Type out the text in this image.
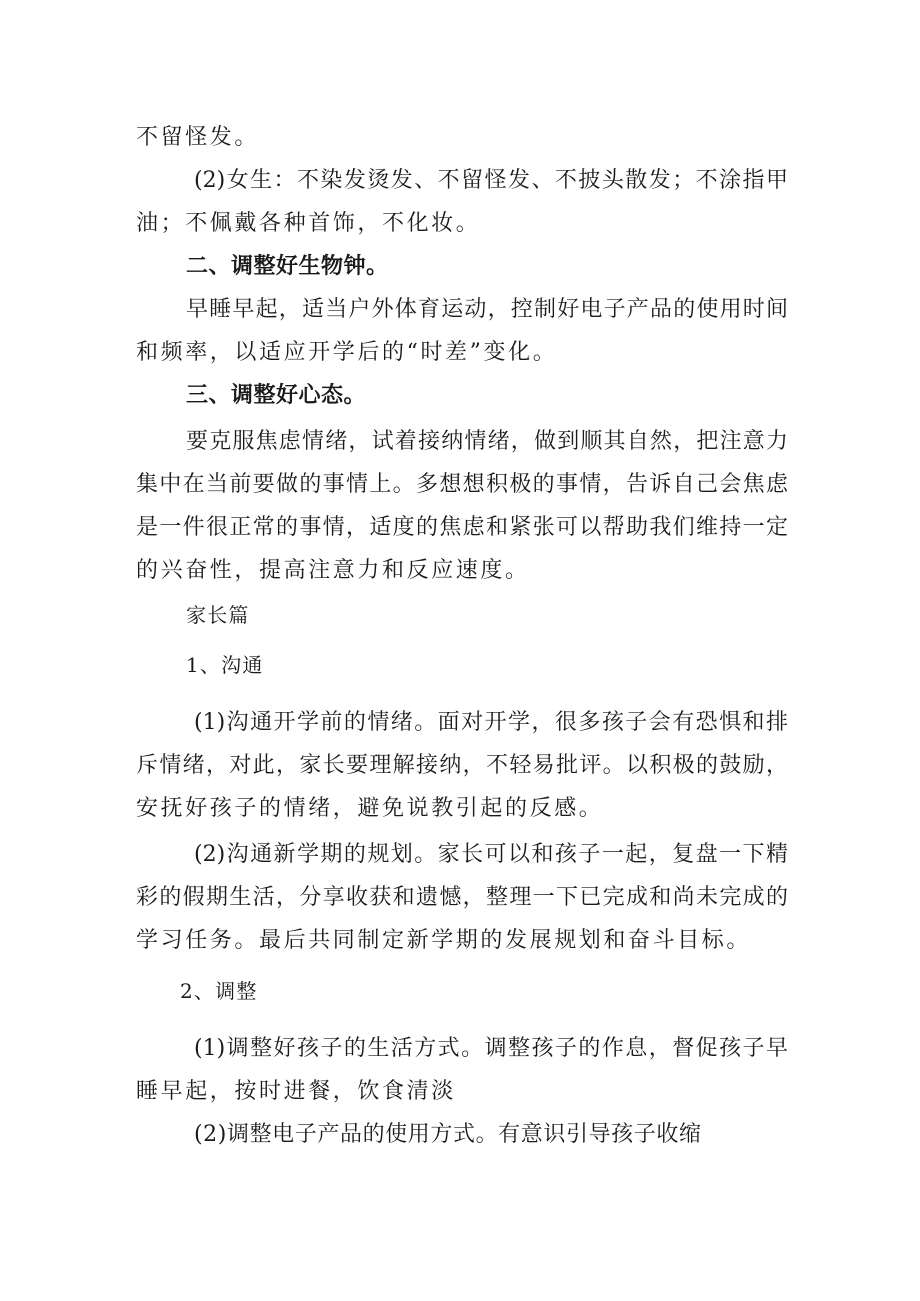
不留怪发。
(2)女生：不染发烫发、不留怪发、不披头散发；不涂指甲
油；不佩戴各种首饰，不化妆。
二、调整好生物钟。
早睡早起，适当户外体育运动，控制好电子产品的使用时间
和频率，以适应开学后的“时差”变化。
三、调整好心态。
要克服焦虑情绪，试着接纳情绪，做到顺其自然，把注意力
集中在当前要做的事情上。多想想积极的事情，告诉自己会焦虑
是一件很正常的事情，适度的焦虑和紧张可以帮助我们维持一定
的兴奋性，提高注意力和反应速度。
家长篇
1、沟通
(1)沟通开学前的情绪。面对开学，很多孩子会有恐惧和排
斥情绪，对此，家长要理解接纳，不轻易批评。以积极的鼓励，
安抚好孩子的情绪，避免说教引起的反感。
(2)沟通新学期的规划。家长可以和孩子一起，复盘一下精
彩的假期生活，分享收获和遗憾，整理一下已完成和尚未完成的
学习任务。最后共同制定新学期的发展规划和奋斗目标。
2、调整
(1)调整好孩子的生活方式。调整孩子的作息，督促孩子早
睡早起，按时进餐，饮食清淡
(2)调整电子产品的使用方式。有意识引导孩子收缩
